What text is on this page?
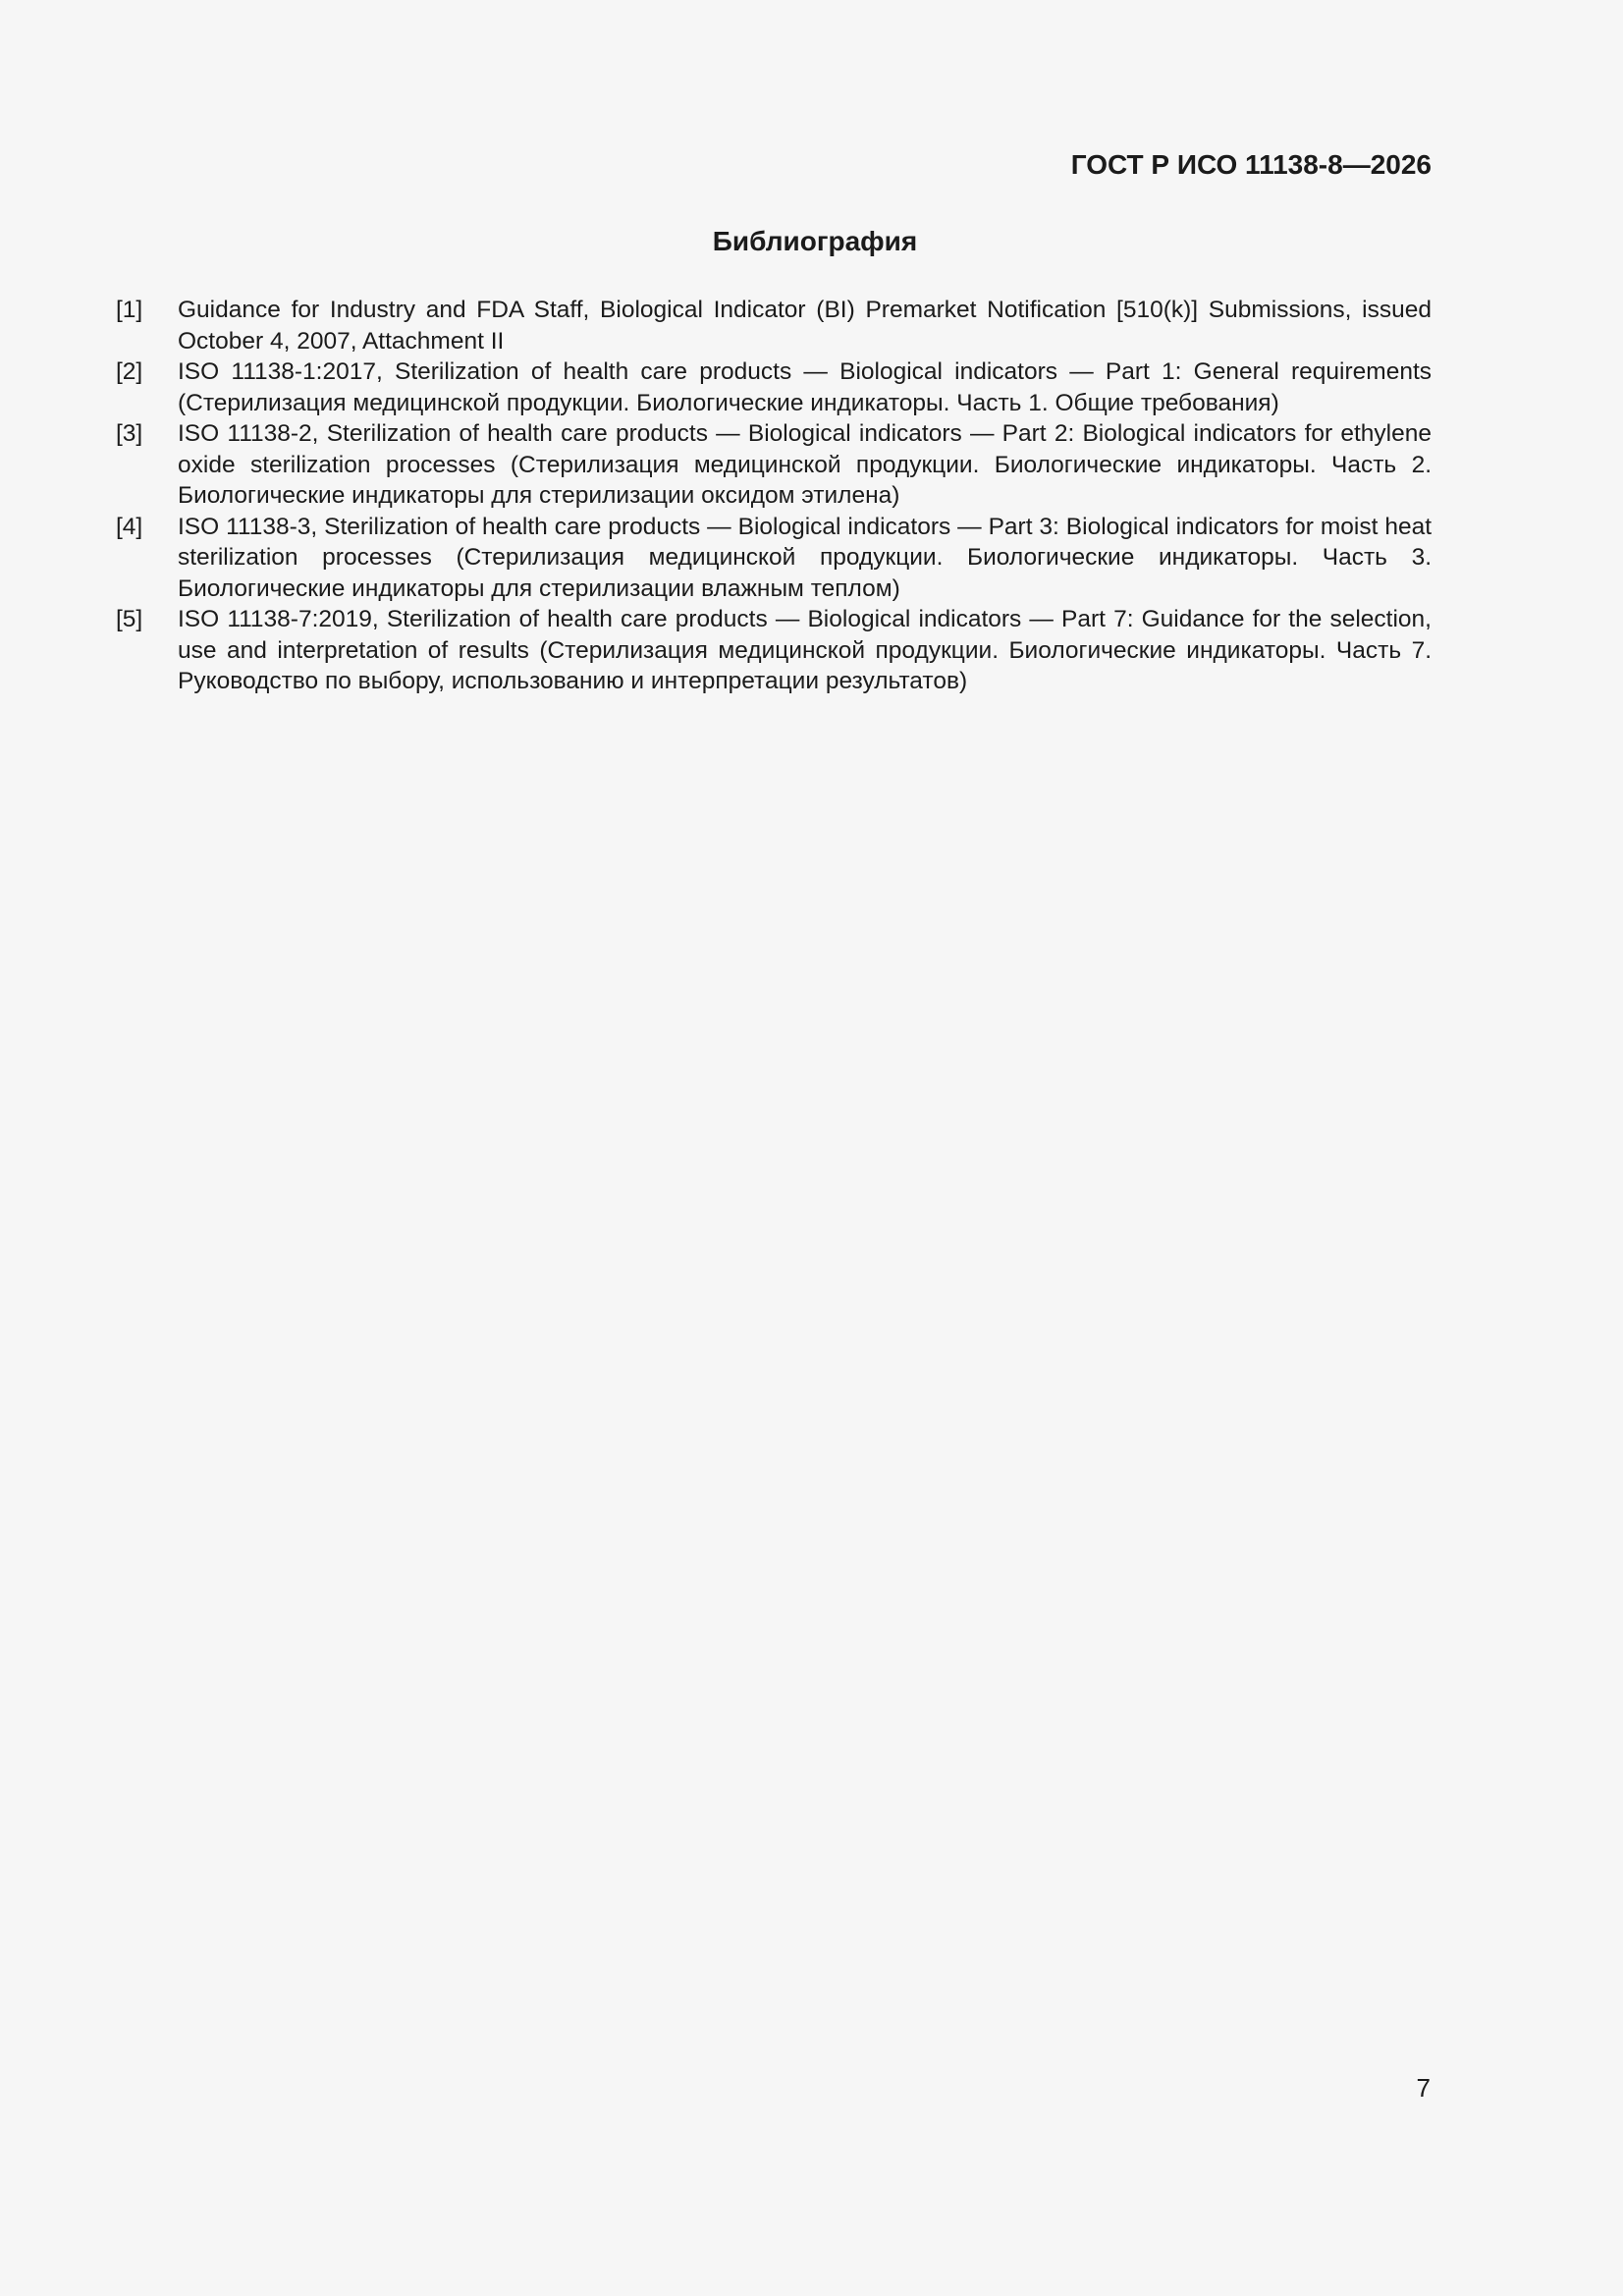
ГОСТ Р ИСО 11138-8—2026
Библиография
[1] Guidance for Industry and FDA Staff, Biological Indicator (BI) Premarket Notification [510(k)] Submissions, issued October 4, 2007, Attachment II
[2] ISO 11138-1:2017, Sterilization of health care products — Biological indicators — Part 1: General requirements (Стерилизация медицинской продукции. Биологические индикаторы. Часть 1. Общие требования)
[3] ISO 11138-2, Sterilization of health care products — Biological indicators — Part 2: Biological indicators for ethylene oxide sterilization processes (Стерилизация медицинской продукции. Биологические индикаторы. Часть 2. Биологические индикаторы для стерилизации оксидом этилена)
[4] ISO 11138-3, Sterilization of health care products — Biological indicators — Part 3: Biological indicators for moist heat sterilization processes (Стерилизация медицинской продукции. Биологические индикаторы. Часть 3. Биологические индикаторы для стерилизации влажным теплом)
[5] ISO 11138-7:2019, Sterilization of health care products — Biological indicators — Part 7: Guidance for the selection, use and interpretation of results (Стерилизация медицинской продукции. Биологические индикаторы. Часть 7. Руководство по выбору, использованию и интерпретации результатов)
7
